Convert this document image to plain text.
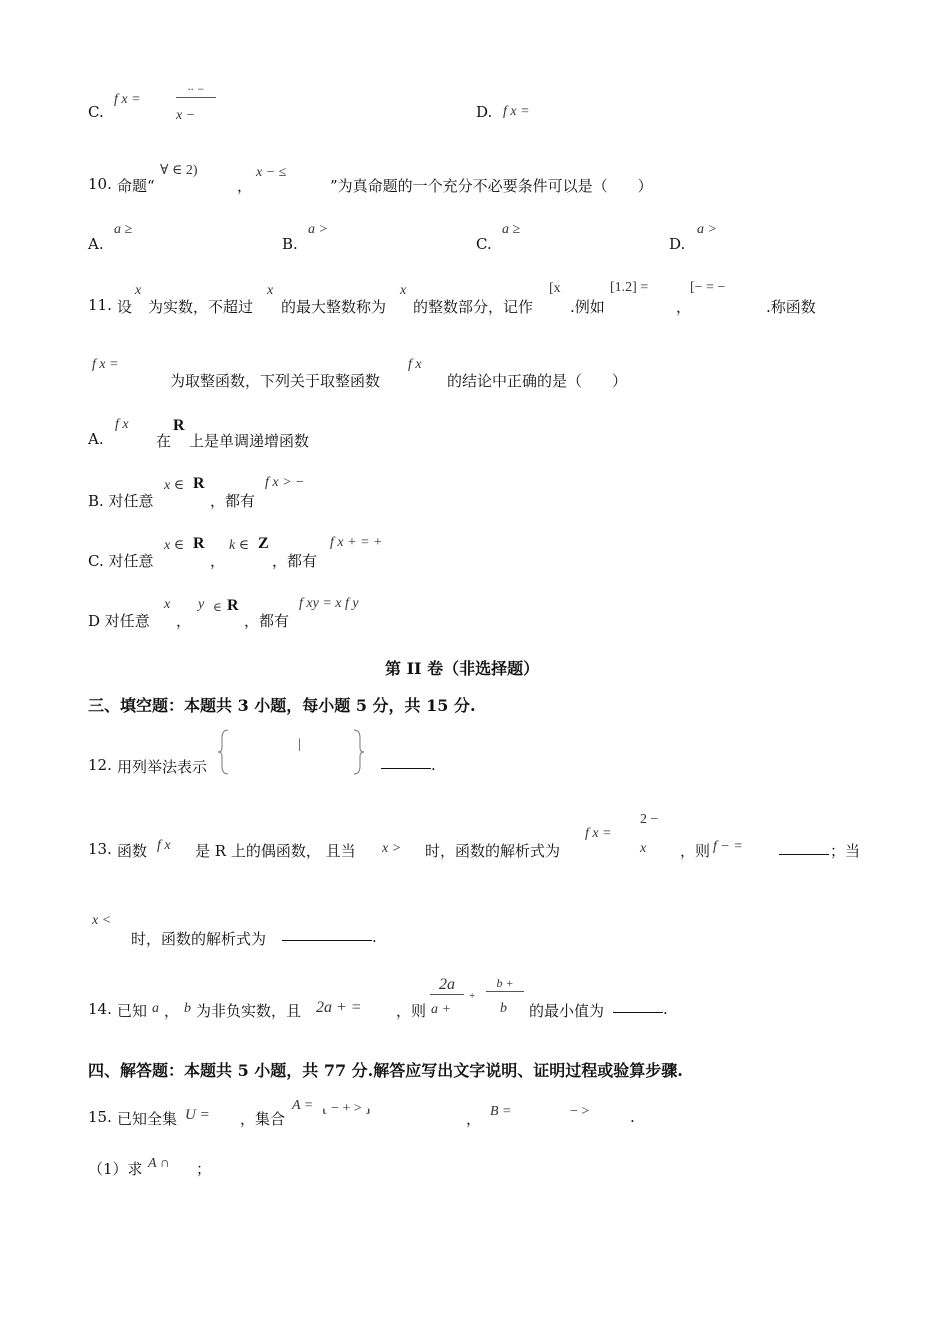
C.
f x =
·· −
x −	D. f x =
10. 命题“
∀ ∈ 2)
，
x − ≤
”为真命题的一个充分不必要条件可以是（　　）
A.
a ≥
B.
a >
C.
a ≥
D.
a >
11. 设
x
为实数，不超过
x
的最大整数称为
x
的整数部分，记作
[x
.例如
[1.2] =
，
[− = −
.称函数
f x =
为取整函数，下列关于取整函数
f x
的结论中正确的是（　　）
A.
f x
在
R
上是单调递增函数
B. 对任意
x ∈ R
，都有
f x > −
C. 对任意
x ∈ R
，
k ∈ Z
，都有
f x + = +
D 对任意
x
，
y ∈ R
，都有
f xy = x f y
第 II 卷（非选择题）
三、填空题：本题共 3 小题，每小题 5 分，共 15 分.
12. 用列举法表示
|
.
13. 函数 f x 是 R 上的偶函数， 且当 x > 时，函数的解析式为
f x =
2 −
x ，则 f − =	；当
x <
时，函数的解析式为	.
14. 已知 a ， b 为非负实数，且 2a + = ，则
2a
a +
+
b +
b 的最小值为	.
四、解答题：本题共 5 小题，共 77 分.解答应写出文字说明、证明过程或验算步骤.
15. 已知全集 U = ，集合
A = ⸤ − + > ⸥
， B =	− >	.
（1）求 A ∩ ；
